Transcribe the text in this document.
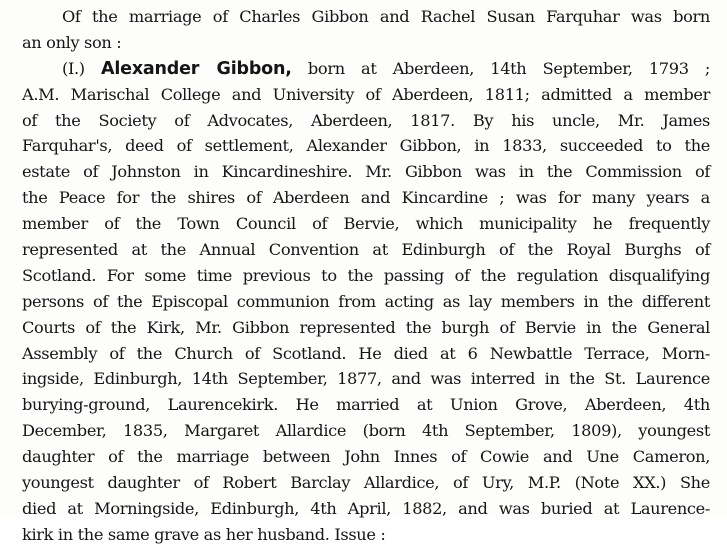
Of the marriage of Charles Gibbon and Rachel Susan Farquhar was born
an only son :
(I.) Alexander Gibbon, born at Aberdeen, 14th September, 1793 ;
A.M. Marischal College and University of Aberdeen, 1811; admitted a member
of the Society of Advocates, Aberdeen, 1817. By his uncle, Mr. James
Farquhar's, deed of settlement, Alexander Gibbon, in 1833, succeeded to the
estate of Johnston in Kincardineshire. Mr. Gibbon was in the Commission of
the Peace for the shires of Aberdeen and Kincardine ; was for many years a
member of the Town Council of Bervie, which municipality he frequently
represented at the Annual Convention at Edinburgh of the Royal Burghs of
Scotland. For some time previous to the passing of the regulation disqualifying
persons of the Episcopal communion from acting as lay members in the different
Courts of the Kirk, Mr. Gibbon represented the burgh of Bervie in the General
Assembly of the Church of Scotland. He died at 6 Newbattle Terrace, Morn-
ingside, Edinburgh, 14th September, 1877, and was interred in the St. Laurence
burying-ground, Laurencekirk. He married at Union Grove, Aberdeen, 4th
December, 1835, Margaret Allardice (born 4th September, 1809), youngest
daughter of the marriage between John Innes of Cowie and Une Cameron,
youngest daughter of Robert Barclay Allardice, of Ury, M.P. (Note XX.) She
died at Morningside, Edinburgh, 4th April, 1882, and was buried at Laurence-
kirk in the same grave as her husband. Issue :
